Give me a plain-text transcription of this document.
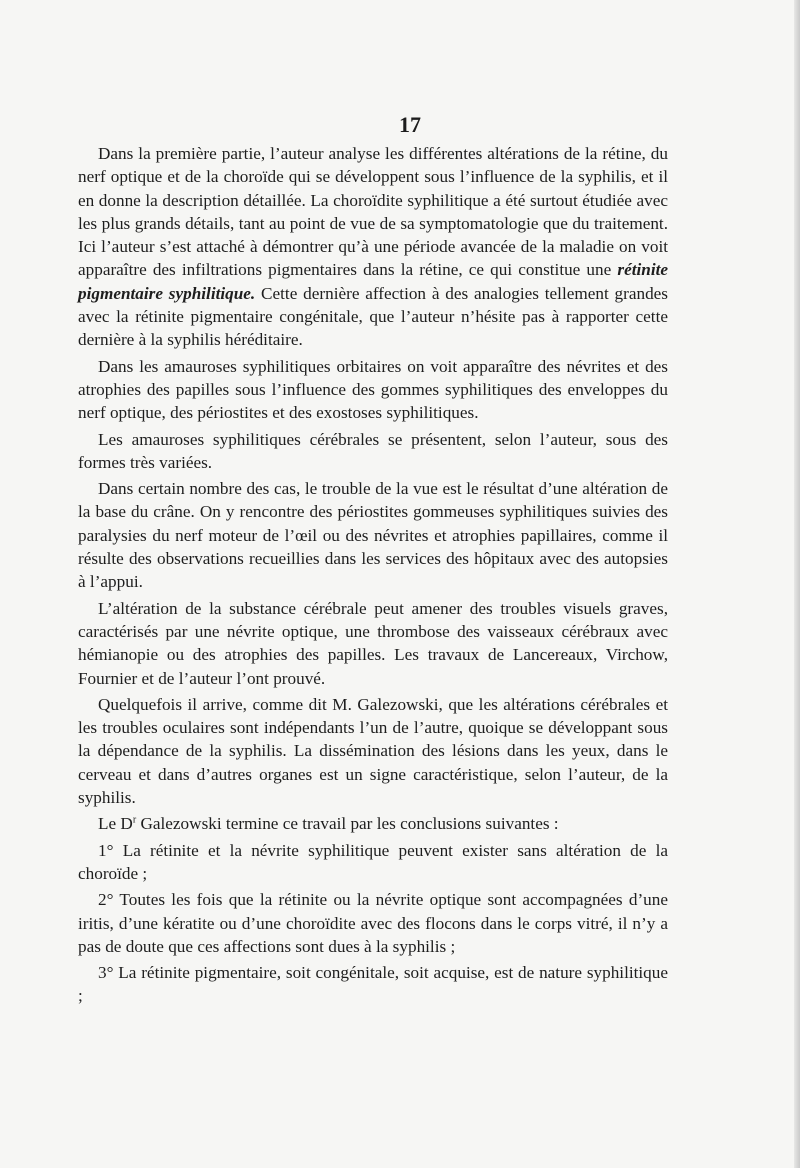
17

Dans la première partie, l’auteur analyse les différentes altérations de la rétine, du nerf optique et de la choroïde qui se développent sous l’influence de la syphilis, et il en donne la description détaillée. La choroïdite syphilitique a été surtout étudiée avec les plus grands détails, tant au point de vue de sa symptomatologie que du traitement. Ici l’auteur s’est attaché à démontrer qu’à une période avancée de la maladie on voit apparaître des infiltrations pigmentaires dans la rétine, ce qui constitue une rétinite pigmentaire syphilitique. Cette dernière affection à des analogies tellement grandes avec la rétinite pigmentaire congénitale, que l’auteur n’hésite pas à rapporter cette dernière à la syphilis héréditaire.

Dans les amauroses syphilitiques orbitaires on voit apparaître des névrites et des atrophies des papilles sous l’influence des gommes syphilitiques des enveloppes du nerf optique, des périostites et des exostoses syphilitiques.

Les amauroses syphilitiques cérébrales se présentent, selon l’auteur, sous des formes très variées.

Dans certain nombre des cas, le trouble de la vue est le résultat d’une altération de la base du crâne. On y rencontre des périostites gommeuses syphilitiques suivies des paralysies du nerf moteur de l’œil ou des névrites et atrophies papillaires, comme il résulte des observations recueillies dans les services des hôpitaux avec des autopsies à l’appui.

L’altération de la substance cérébrale peut amener des troubles visuels graves, caractérisés par une névrite optique, une thrombose des vaisseaux cérébraux avec hémianopie ou des atrophies des papilles. Les travaux de Lancereaux, Virchow, Fournier et de l’auteur l’ont prouvé.

Quelquefois il arrive, comme dit M. Galezowski, que les altérations cérébrales et les troubles oculaires sont indépendants l’un de l’autre, quoique se développant sous la dépendance de la syphilis. La dissémination des lésions dans les yeux, dans le cerveau et dans d’autres organes est un signe caractéristique, selon l’auteur, de la syphilis.

Le $D^r$ Galezowski termine ce travail par les conclusions suivantes :

1° La rétinite et la névrite syphilitique peuvent exister sans altération de la choroïde ;

2° Toutes les fois que la rétinite ou la névrite optique sont accompagnées d’une iritis, d’une kératite ou d’une choroïdite avec des flocons dans le corps vitré, il n’y a pas de doute que ces affections sont dues à la syphilis ;

3° La rétinite pigmentaire, soit congénitale, soit acquise, est de nature syphilitique ;
